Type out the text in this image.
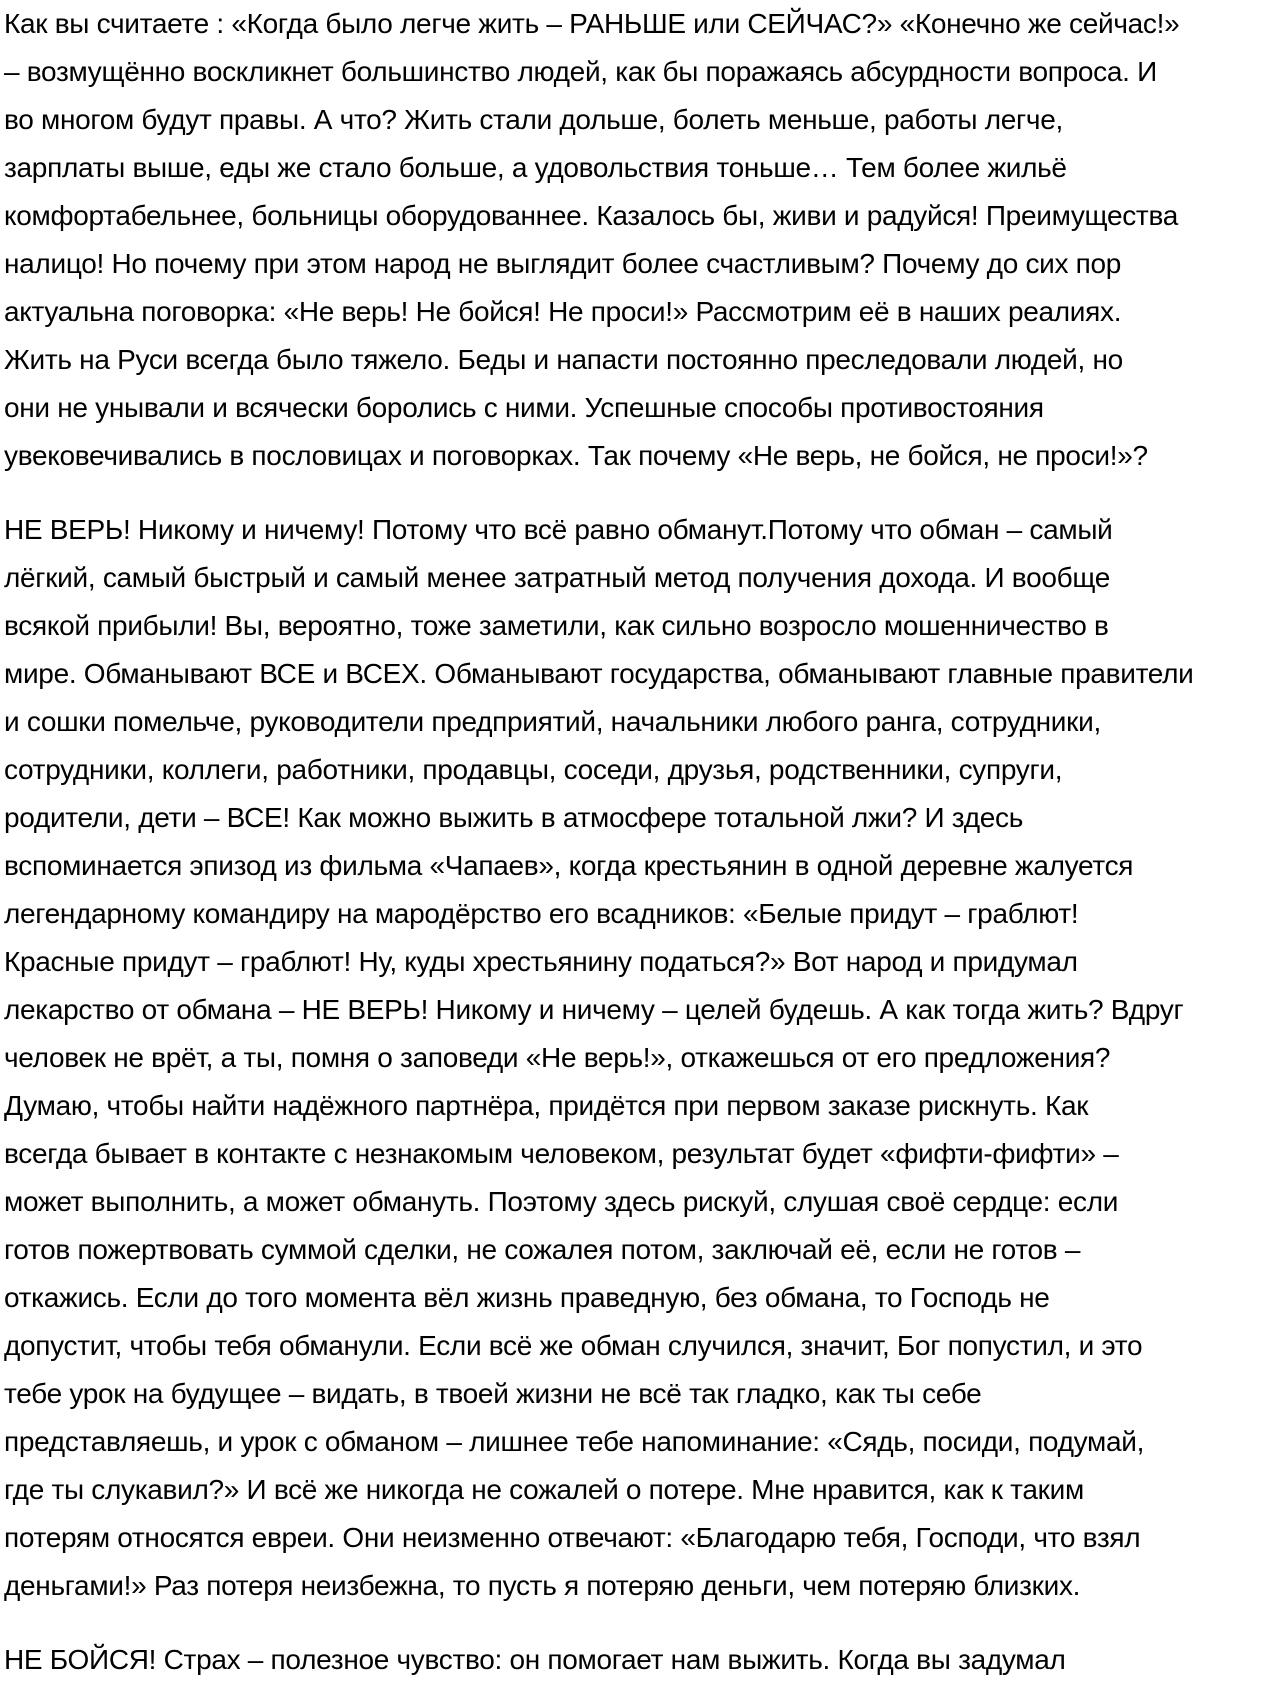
Как вы считаете : «Когда было легче жить – РАНЬШЕ или СЕЙЧАС?» «Конечно же сейчас!»
– возмущённо воскликнет большинство людей, как бы поражаясь абсурдности вопроса. И
во многом будут правы. А что? Жить стали дольше, болеть меньше, работы легче,
зарплаты выше, еды же стало больше, а удовольствия тоньше… Тем более жильё
комфортабельнее, больницы оборудованнее. Казалось бы, живи и радуйся! Преимущества
налицо! Но почему при этом народ не выглядит более счастливым? Почему до сих пор
актуальна поговорка: «Не верь! Не бойся! Не проси!» Рассмотрим её в наших реалиях.
Жить на Руси всегда было тяжело. Беды и напасти постоянно преследовали людей, но
они не унывали и всячески боролись с ними. Успешные способы противостояния
увековечивались в пословицах и поговорках. Так почему «Не верь, не бойся, не проси!»?
НЕ ВЕРЬ! Никому и ничему! Потому что всё равно обманут.Потому что обман – самый
лёгкий, самый быстрый и самый менее затратный метод получения дохода. И вообще
всякой прибыли! Вы, вероятно, тоже заметили, как сильно возросло мошенничество в
мире. Обманывают ВСЕ и ВСЕХ. Обманывают государства, обманывают главные правители
и сошки помельче, руководители предприятий, начальники любого ранга, сотрудники,
сотрудники, коллеги, работники, продавцы, соседи, друзья, родственники, супруги,
родители, дети – ВСЕ! Как можно выжить в атмосфере тотальной лжи? И здесь
вспоминается эпизод из фильма «Чапаев», когда крестьянин в одной деревне жалуется
легендарному командиру на мародёрство его всадников: «Белые придут – граблют!
Красные придут – граблют! Ну, куды хрестьянину податься?» Вот народ и придумал
лекарство от обмана – НЕ ВЕРЬ! Никому и ничему – целей будешь. А как тогда жить? Вдруг
человек не врёт, а ты, помня о заповеди «Не верь!», откажешься от его предложения?
Думаю, чтобы найти надёжного партнёра, придётся при первом заказе рискнуть. Как
всегда бывает в контакте с незнакомым человеком, результат будет «фифти-фифти» –
может выполнить, а может обмануть. Поэтому здесь рискуй, слушая своё сердце: если
готов пожертвовать суммой сделки, не сожалея потом, заключай её, если не готов –
откажись. Если до того момента вёл жизнь праведную, без обмана, то Господь не
допустит, чтобы тебя обманули. Если всё же обман случился, значит, Бог попустил, и это
тебе урок на будущее – видать, в твоей жизни не всё так гладко, как ты себе
представляешь, и урок с обманом – лишнее тебе напоминание: «Сядь, посиди, подумай,
где ты слукавил?» И всё же никогда не сожалей о потере. Мне нравится, как к таким
потерям относятся евреи. Они неизменно отвечают: «Благодарю тебя, Господи, что взял
деньгами!» Раз потеря неизбежна, то пусть я потеряю деньги, чем потеряю близких.
НЕ БОЙСЯ! Страх – полезное чувство: он помогает нам выжить. Когда вы задумал
